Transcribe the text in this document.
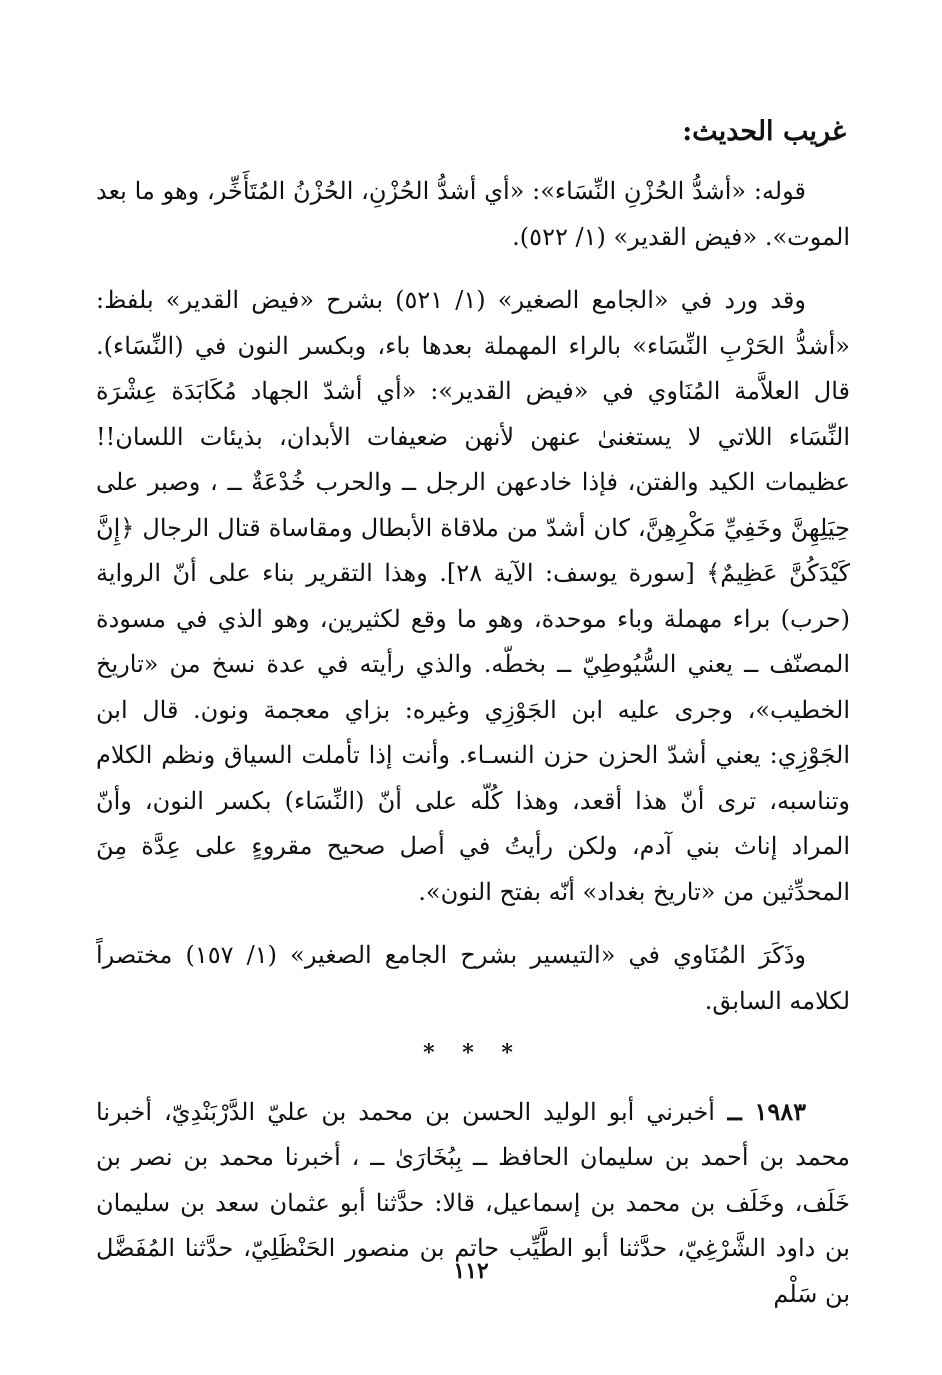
غريب الحديث:

قوله: «أشدُّ الحُزْنِ النِّسَاء»: «أي أشدُّ الحُزْنِ، الحُزْنُ المُتَأَخِّر، وهو ما بعد الموت». «فيض القدير» (١/ ٥٢٢).

وقد ورد في «الجامع الصغير» (١/ ٥٢١) بشرح «فيض القدير» بلفظ: «أشدُّ الحَرْبِ النِّسَاء» بالراء المهملة بعدها باء، وبكسر النون في (النِّسَاء). قال العلاَّمة المُنَاوي في «فيض القدير»: «أي أشدّ الجهاد مُكَابَدَة عِشْرَة النِّسَاء اللاتي لا يستغنىٰ عنهن لأنهن ضعيفات الأبدان، بذيئات اللسان!! عظيمات الكيد والفتن، فإذا خادعهن الرجل ــ والحرب خُدْعَةٌ ــ ، وصبر على حِيَلِهِنَّ وخَفِيِّ مَكْرِهِنَّ، كان أشدّ من ملاقاة الأبطال ومقاساة قتال الرجال ﴿إِنَّ كَيْدَكُنَّ عَظِيمٌ﴾ [سورة يوسف: الآية ٢٨]. وهذا التقرير بناء على أنّ الرواية (حرب) براء مهملة وباء موحدة، وهو ما وقع لكثيرين، وهو الذي في مسودة المصنّف ــ يعني السُّيُوطِيّ ــ بخطّه. والذي رأيته في عدة نسخ من «تاريخ الخطيب»، وجرى عليه ابن الجَوْزِي وغيره: بزاي معجمة ونون. قال ابن الجَوْزِي: يعني أشدّ الحزن حزن النسـاء. وأنت إذا تأملت السياق ونظم الكلام وتناسبه، ترى أنّ هذا أقعد، وهذا كُلّه على أنّ (النِّسَاء) بكسر النون، وأنّ المراد إناث بني آدم، ولكن رأيتُ في أصل صحيح مقروءٍ على عِدَّة مِنَ المحدِّثين من «تاريخ بغداد» أنّه بفتح النون».

وذَكَرَ المُنَاوي في «التيسير بشرح الجامع الصغير» (١/ ١٥٧) مختصراً لكلامه السابق.

* * *

١٩٨٣ ــ أخبرني أبو الوليد الحسن بن محمد بن عليّ الدَّرْبَنْدِيّ، أخبرنا محمد بن أحمد بن سليمان الحافظ ــ بِبُخَارَىٰ ــ ، أخبرنا محمد بن نصر بن خَلَف، وخَلَف بن محمد بن إسماعيل، قالا: حدَّثنا أبو عثمان سعد بن سليمان بن داود الشَّرْغِيّ، حدَّثنا أبو الطَّيِّب حاتم بن منصور الحَنْظَلِيّ، حدَّثنا المُفَضَّل بن سَلْم

١١٢
